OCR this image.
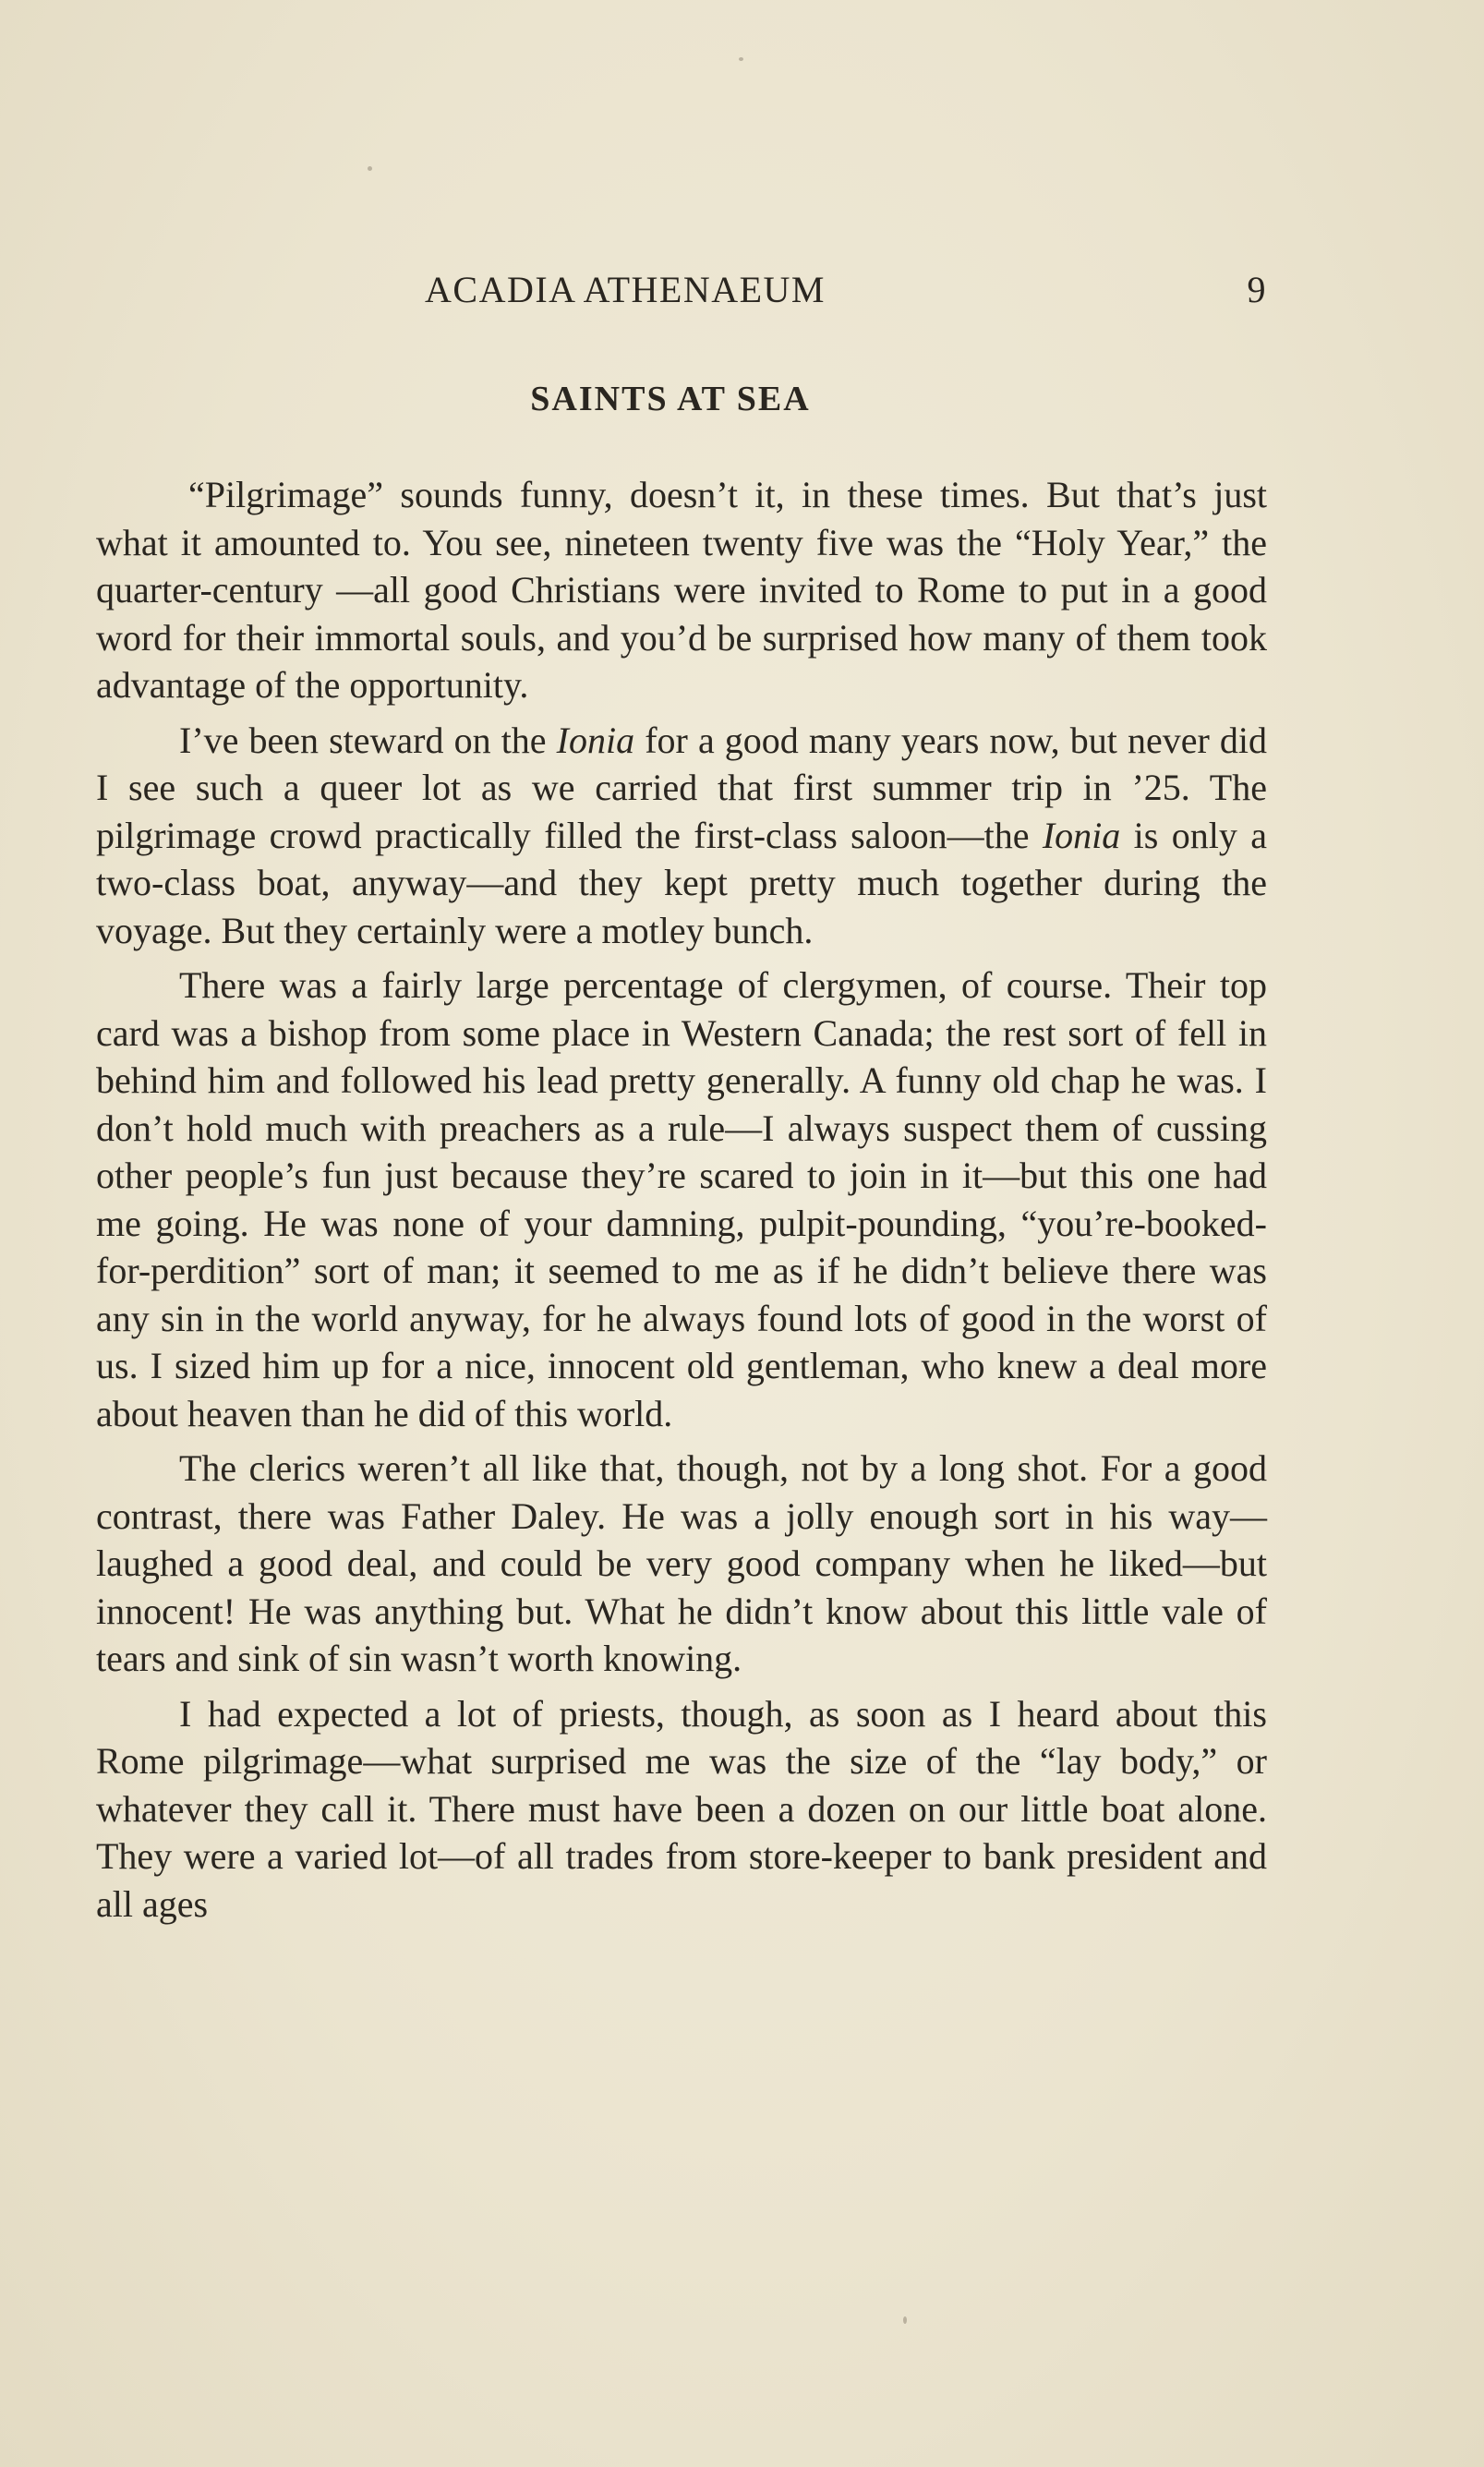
ACADIA ATHENAEUM	9
SAINTS AT SEA

“Pilgrimage” sounds funny, doesn’t it, in these times. But that’s just what it amounted to. You see, nineteen twenty five was the “Holy Year,” the quarter-century —all good Christians were invited to Rome to put in a good word for their immortal souls, and you’d be surprised how many of them took advantage of the opportunity.

I’ve been steward on the Ionia for a good many years now, but never did I see such a queer lot as we carried that first summer trip in ’25. The pilgrimage crowd practically filled the first-class saloon—the Ionia is only a two-class boat, anyway—and they kept pretty much together during the voyage. But they certainly were a motley bunch.

There was a fairly large percentage of clergymen, of course. Their top card was a bishop from some place in Western Canada; the rest sort of fell in behind him and followed his lead pretty generally. A funny old chap he was. I don’t hold much with preachers as a rule—I always suspect them of cussing other people’s fun just because they’re scared to join in it—but this one had me going. He was none of your damning, pulpit-pounding, “you’re-booked-for-perdition” sort of man; it seemed to me as if he didn’t believe there was any sin in the world anyway, for he always found lots of good in the worst of us. I sized him up for a nice, innocent old gentleman, who knew a deal more about heaven than he did of this world.

The clerics weren’t all like that, though, not by a long shot. For a good contrast, there was Father Daley. He was a jolly enough sort in his way—laughed a good deal, and could be very good company when he liked—but innocent! He was anything but. What he didn’t know about this little vale of tears and sink of sin wasn’t worth knowing.

I had expected a lot of priests, though, as soon as I heard about this Rome pilgrimage—what surprised me was the size of the “lay body,” or whatever they call it. There must have been a dozen on our little boat alone. They were a varied lot—of all trades from store-keeper to bank president and all ages
